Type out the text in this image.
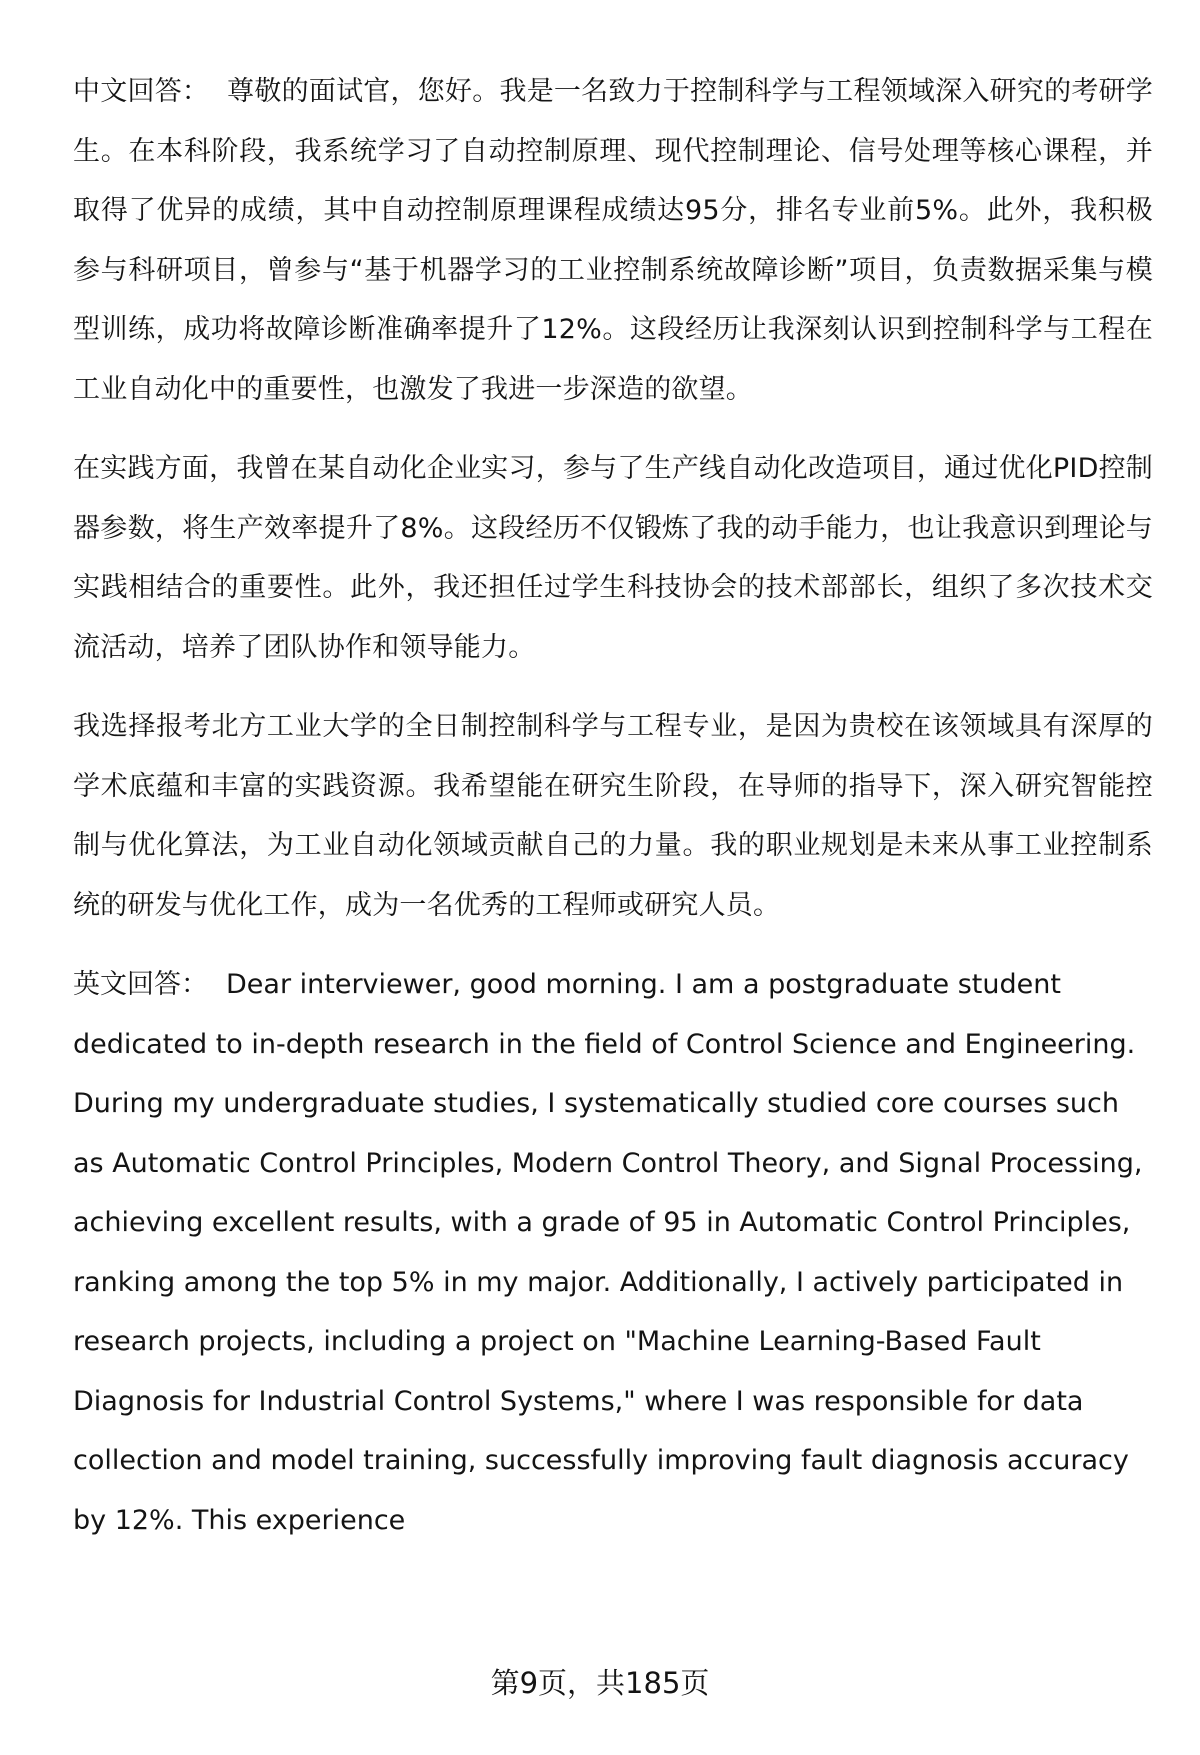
中文回答： 尊敬的面试官，您好。我是一名致力于控制科学与工程领域深入研究的考研学生。在本科阶段，我系统学习了自动控制原理、现代控制理论、信号处理等核心课程，并取得了优异的成绩，其中自动控制原理课程成绩达95分，排名专业前5%。此外，我积极参与科研项目，曾参与“基于机器学习的工业控制系统故障诊断”项目，负责数据采集与模型训练，成功将故障诊断准确率提升了12%。这段经历让我深刻认识到控制科学与工程在工业自动化中的重要性，也激发了我进一步深造的欲望。

在实践方面，我曾在某自动化企业实习，参与了生产线自动化改造项目，通过优化PID控制器参数，将生产效率提升了8%。这段经历不仅锻炼了我的动手能力，也让我意识到理论与实践相结合的重要性。此外，我还担任过学生科技协会的技术部部长，组织了多次技术交流活动，培养了团队协作和领导能力。

我选择报考北方工业大学的全日制控制科学与工程专业，是因为贵校在该领域具有深厚的学术底蕴和丰富的实践资源。我希望能在研究生阶段，在导师的指导下，深入研究智能控制与优化算法，为工业自动化领域贡献自己的力量。我的职业规划是未来从事工业控制系统的研发与优化工作，成为一名优秀的工程师或研究人员。

英文回答： Dear interviewer, good morning. I am a postgraduate student dedicated to in-depth research in the field of Control Science and Engineering. During my undergraduate studies, I systematically studied core courses such as Automatic Control Principles, Modern Control Theory, and Signal Processing, achieving excellent results, with a grade of 95 in Automatic Control Principles, ranking among the top 5% in my major. Additionally, I actively participated in research projects, including a project on "Machine Learning-Based Fault Diagnosis for Industrial Control Systems," where I was responsible for data collection and model training, successfully improving fault diagnosis accuracy by 12%. This experience

第9页，共185页
